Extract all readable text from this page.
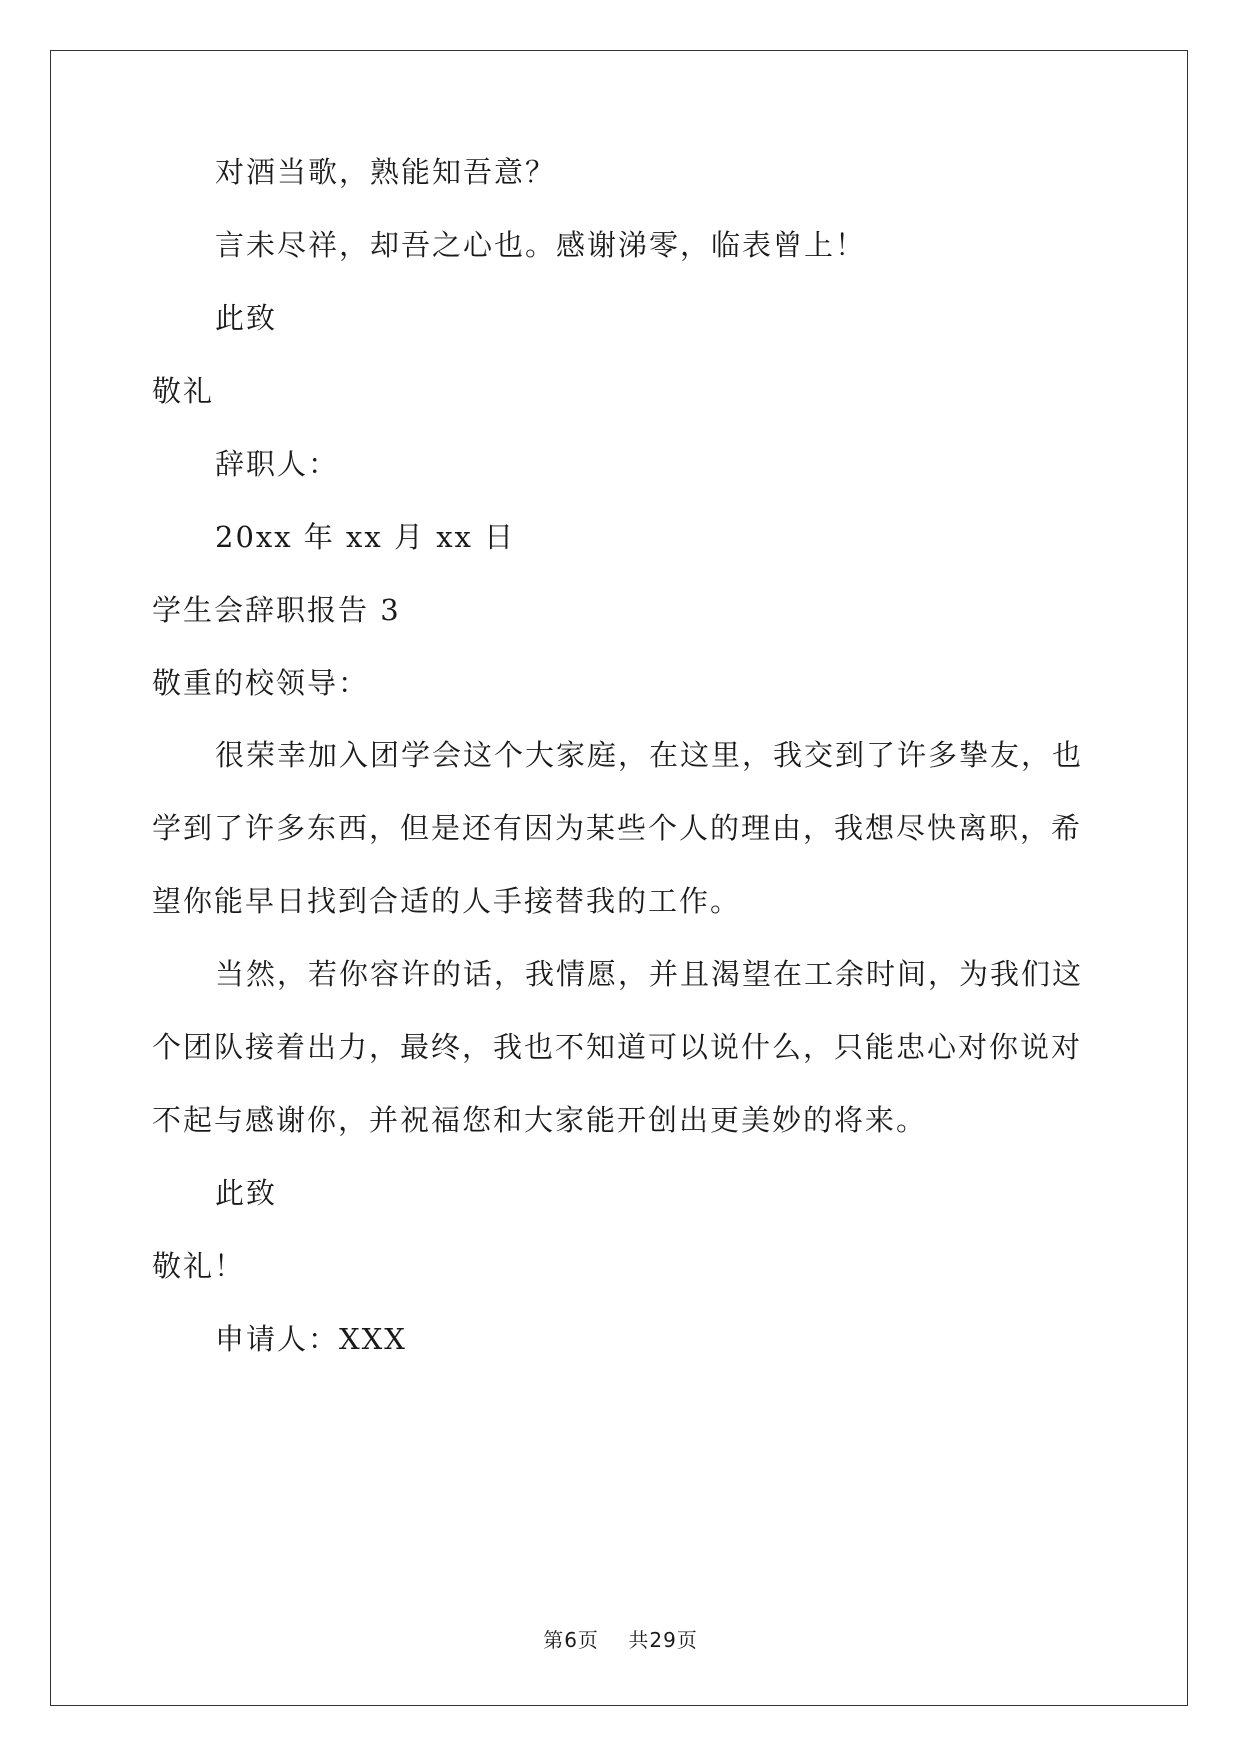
对酒当歌，熟能知吾意？
言未尽祥，却吾之心也。感谢涕零，临表曾上！
此致
敬礼
辞职人：
20xx 年 xx 月 xx 日
学生会辞职报告 3
敬重的校领导：
很荣幸加入团学会这个大家庭，在这里，我交到了许多挚友，也
学到了许多东西，但是还有因为某些个人的理由，我想尽快离职，希
望你能早日找到合适的人手接替我的工作。
当然，若你容许的话，我情愿，并且渴望在工余时间，为我们这
个团队接着出力，最终，我也不知道可以说什么，只能忠心对你说对
不起与感谢你，并祝福您和大家能开创出更美妙的将来。
此致
敬礼！
申请人：XXX
第6页 共29页
